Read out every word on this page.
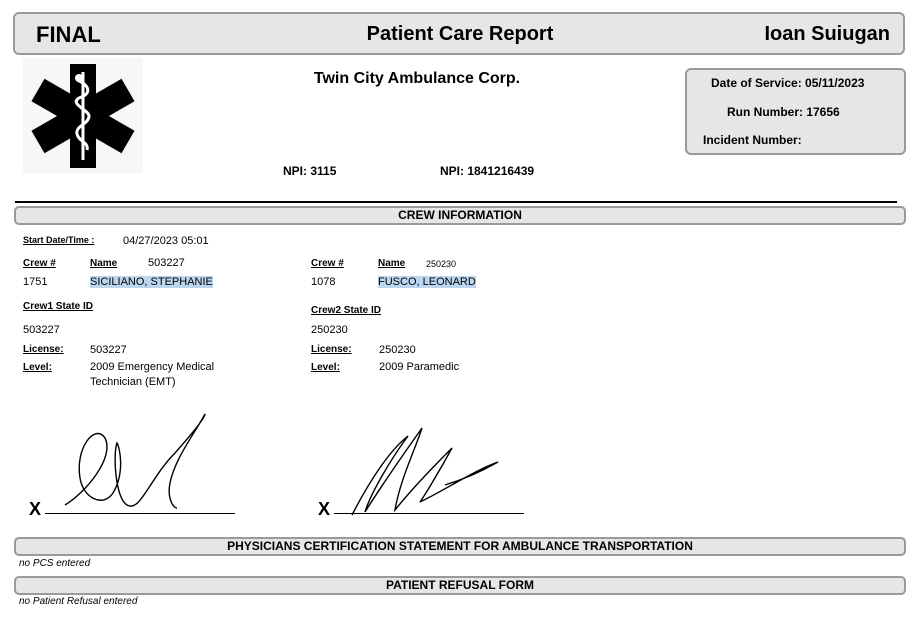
FINAL	Patient Care Report	Ioan Suiugan
Twin City Ambulance Corp.
NPI: 3115	NPI: 1841216439
Date of Service: 05/11/2023
Run Number: 17656
Incident Number:
CREW INFORMATION
Start Date/Time :	04/27/2023 05:01
Crew #	Name	503227
1751	SICILIANO, STEPHANIE
Crew1 State ID
503227
License: 503227
Level:	2009 Emergency Medical
Technician (EMT)
Crew #	Name 250230
1078	FUSCO, LEONARD
Crew2 State ID
250230
License: 250230
Level:	2009 Paramedic
X	X
PHYSICIANS CERTIFICATION STATEMENT FOR AMBULANCE TRANSPORTATION
no PCS entered
PATIENT REFUSAL FORM
no Patient Refusal entered
